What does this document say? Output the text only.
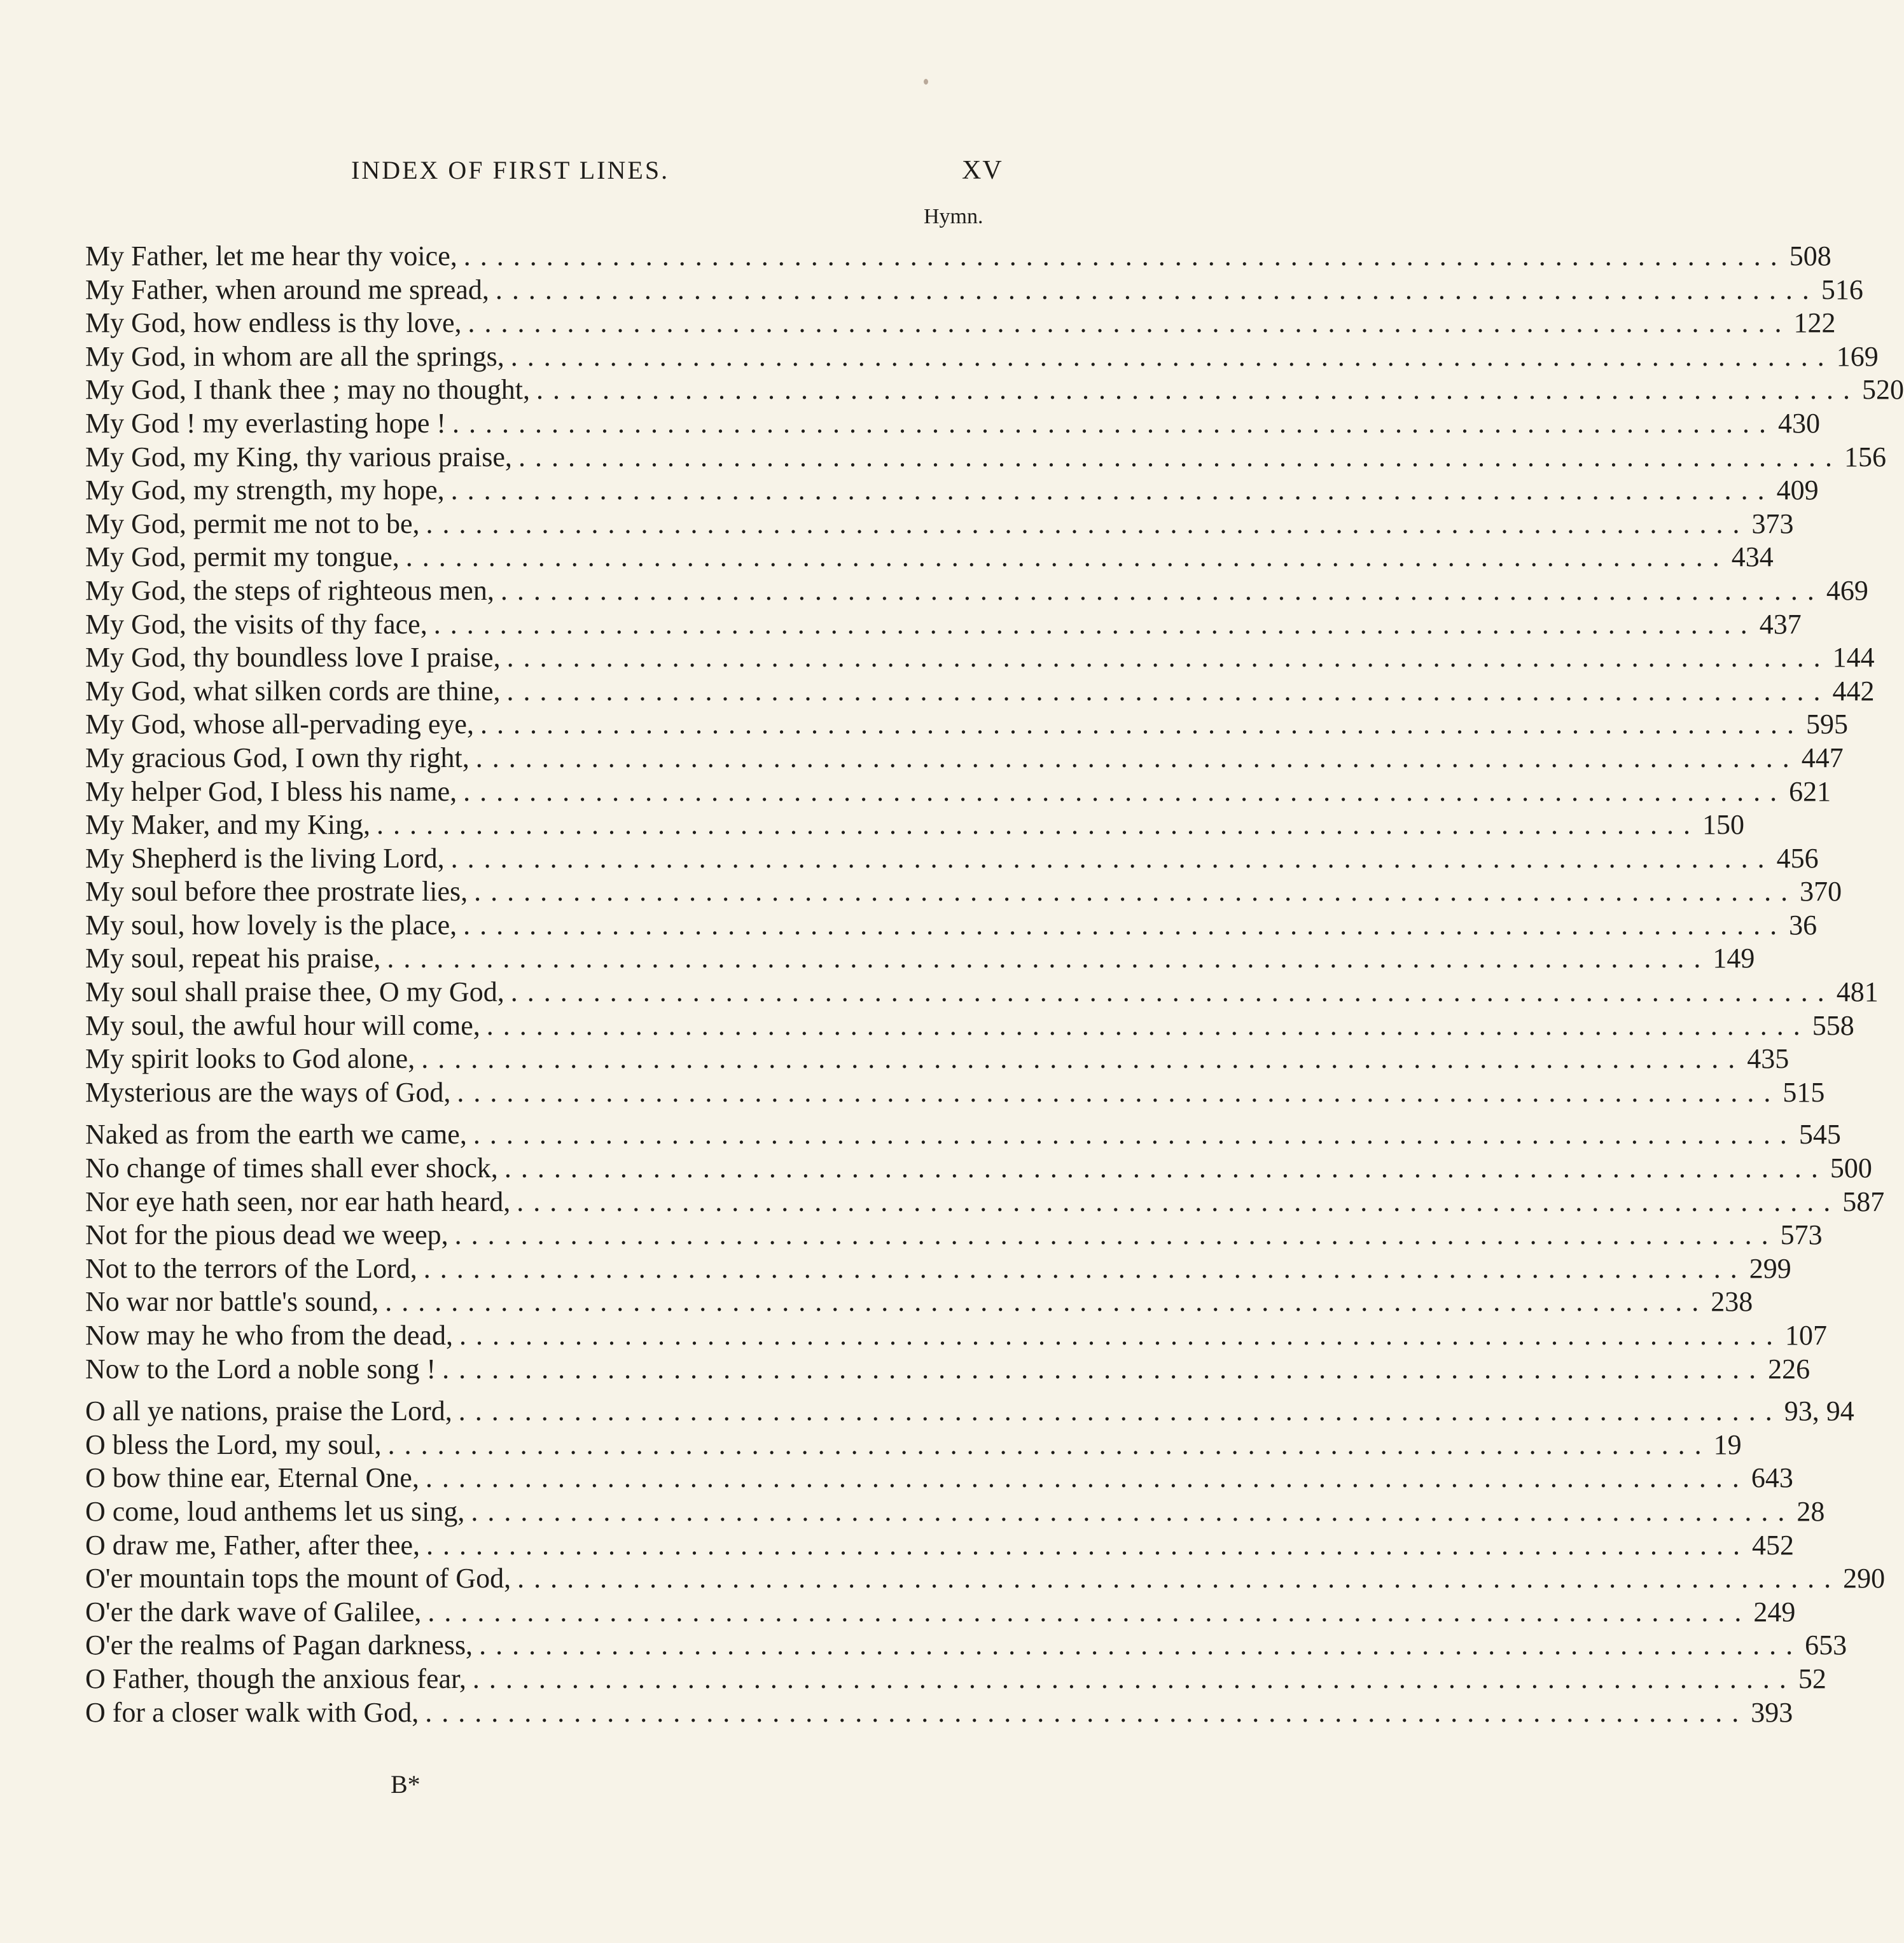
INDEX OF FIRST LINES.	XV
Hymn.
My Father, let me hear thy voice, ................................................................................ 508
My Father, when around me spread, ................................................................................ 516
My God, how endless is thy love, ................................................................................ 122
My God, in whom are all the springs, ................................................................................ 169
My God, I thank thee ; may no thought, ................................................................................ 520
My God ! my everlasting hope ! ................................................................................ 430
My God, my King, thy various praise, ................................................................................ 156
My God, my strength, my hope, ................................................................................ 409
My God, permit me not to be, ................................................................................ 373
My God, permit my tongue, ................................................................................ 434
My God, the steps of righteous men, ................................................................................ 469
My God, the visits of thy face, ................................................................................ 437
My God, thy boundless love I praise, ................................................................................ 144
My God, what silken cords are thine, ................................................................................ 442
My God, whose all-pervading eye, ................................................................................ 595
My gracious God, I own thy right, ................................................................................ 447
My helper God, I bless his name, ................................................................................ 621
My Maker, and my King, ................................................................................ 150
My Shepherd is the living Lord, ................................................................................ 456
My soul before thee prostrate lies, ................................................................................ 370
My soul, how lovely is the place, ................................................................................ 36
My soul, repeat his praise, ................................................................................ 149
My soul shall praise thee, O my God, ................................................................................ 481
My soul, the awful hour will come, ................................................................................ 558
My spirit looks to God alone, ................................................................................ 435
Mysterious are the ways of God, ................................................................................ 515
Naked as from the earth we came, ................................................................................ 545
No change of times shall ever shock, ................................................................................ 500
Nor eye hath seen, nor ear hath heard, ................................................................................ 587
Not for the pious dead we weep, ................................................................................ 573
Not to the terrors of the Lord, ................................................................................ 299
No war nor battle's sound, ................................................................................ 238
Now may he who from the dead, ................................................................................ 107
Now to the Lord a noble song ! ................................................................................ 226
O all ye nations, praise the Lord, ................................................................................ 93, 94
O bless the Lord, my soul, ................................................................................ 19
O bow thine ear, Eternal One, ................................................................................ 643
O come, loud anthems let us sing, ................................................................................ 28
O draw me, Father, after thee, ................................................................................ 452
O'er mountain tops the mount of God, ................................................................................ 290
O'er the dark wave of Galilee, ................................................................................ 249
O'er the realms of Pagan darkness, ................................................................................ 653
O Father, though the anxious fear, ................................................................................ 52
O for a closer walk with God, ................................................................................ 393
B*
